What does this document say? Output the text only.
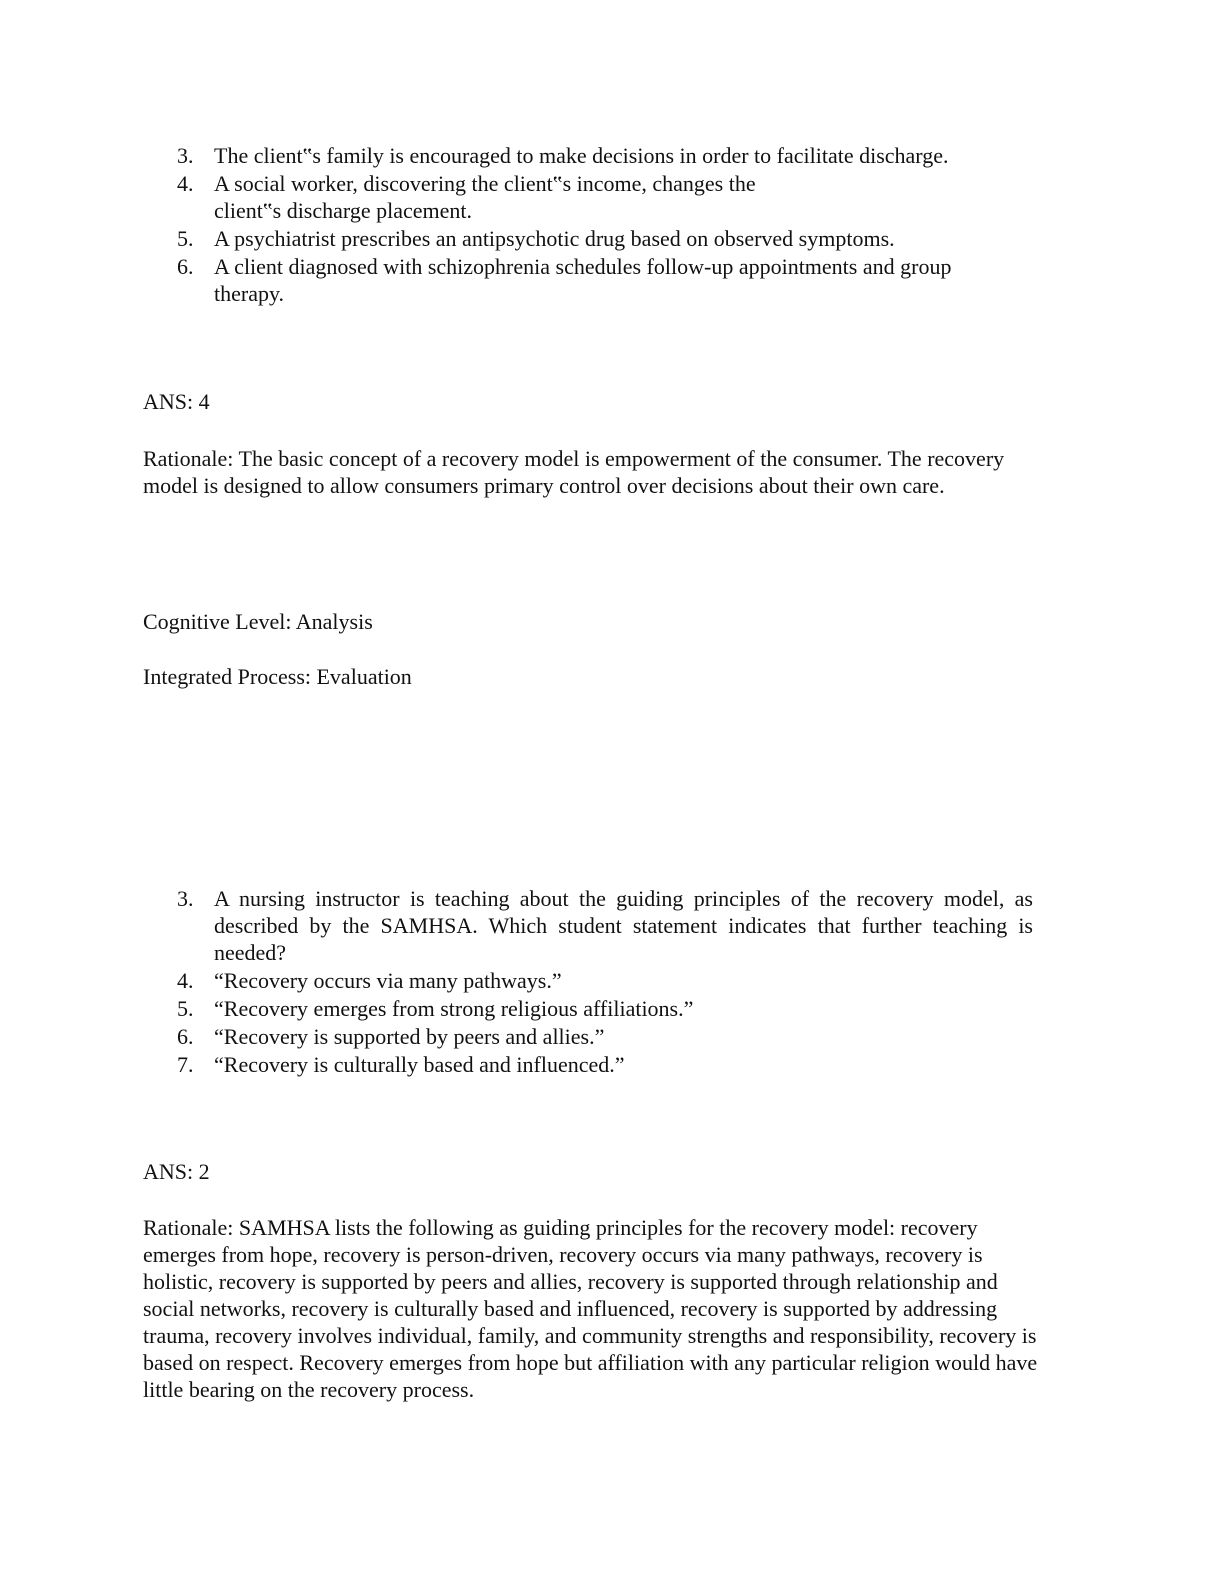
3. The client‟s family is encouraged to make decisions in order to facilitate discharge.
4. A social worker, discovering the client‟s income, changes the
client‟s discharge placement.
5. A psychiatrist prescribes an antipsychotic drug based on observed symptoms.
6. A client diagnosed with schizophrenia schedules follow-up appointments and group therapy.

ANS: 4

Rationale: The basic concept of a recovery model is empowerment of the consumer. The recovery model is designed to allow consumers primary control over decisions about their own care.

Cognitive Level: Analysis

Integrated Process: Evaluation

3. A nursing instructor is teaching about the guiding principles of the recovery model, as described by the SAMHSA. Which student statement indicates that further teaching is needed?
4. “Recovery occurs via many pathways.”
5. “Recovery emerges from strong religious affiliations.”
6. “Recovery is supported by peers and allies.”
7. “Recovery is culturally based and influenced.”

ANS: 2

Rationale: SAMHSA lists the following as guiding principles for the recovery model: recovery emerges from hope, recovery is person-driven, recovery occurs via many pathways, recovery is holistic, recovery is supported by peers and allies, recovery is supported through relationship and social networks, recovery is culturally based and influenced, recovery is supported by addressing trauma, recovery involves individual, family, and community strengths and responsibility, recovery is based on respect. Recovery emerges from hope but affiliation with any particular religion would have little bearing on the recovery process.
